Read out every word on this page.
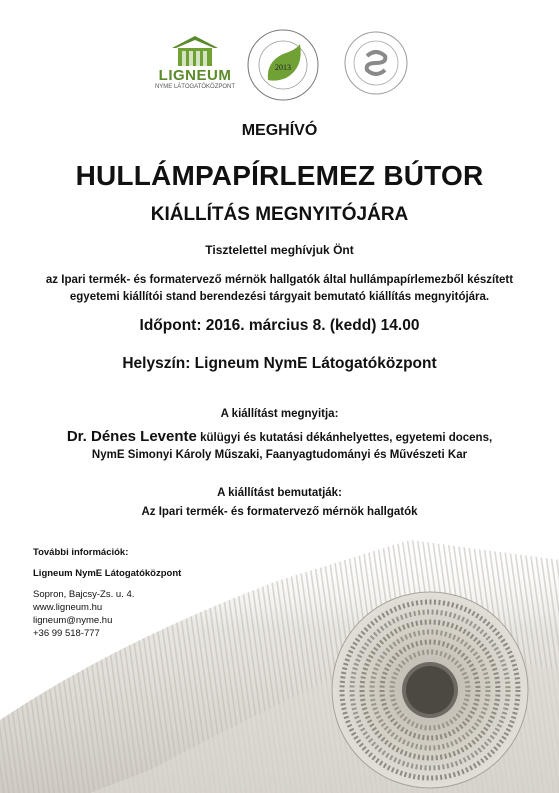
LIGNEUM
NYME LÁTOGATÓKÖZPONT
2013

MEGHÍVÓ

HULLÁMPAPÍRLEMEZ BÚTOR

KIÁLLÍTÁS MEGNYITÓJÁRA

Tisztelettel meghívjuk Önt

az Ipari termék- és formatervező mérnök hallgatók által hullámpapírlemezből készített
egyetemi kiállítói stand berendezési tárgyait bemutató kiállítás megnyitójára.

Időpont: 2016. március 8. (kedd) 14.00

Helyszín: Ligneum NymE Látogatóközpont

A kiállítást megnyitja:

Dr. Dénes Levente külügyi és kutatási dékánhelyettes, egyetemi docens,

NymE Simonyi Károly Műszaki, Faanyagtudományi és Művészeti Kar

A kiállítást bemutatják:

Az Ipari termék- és formatervező mérnök hallgatók

További információk:
Ligneum NymE Látogatóközpont
Sopron, Bajcsy-Zs. u. 4.
www.ligneum.hu
ligneum@nyme.hu
+36 99 518-777
